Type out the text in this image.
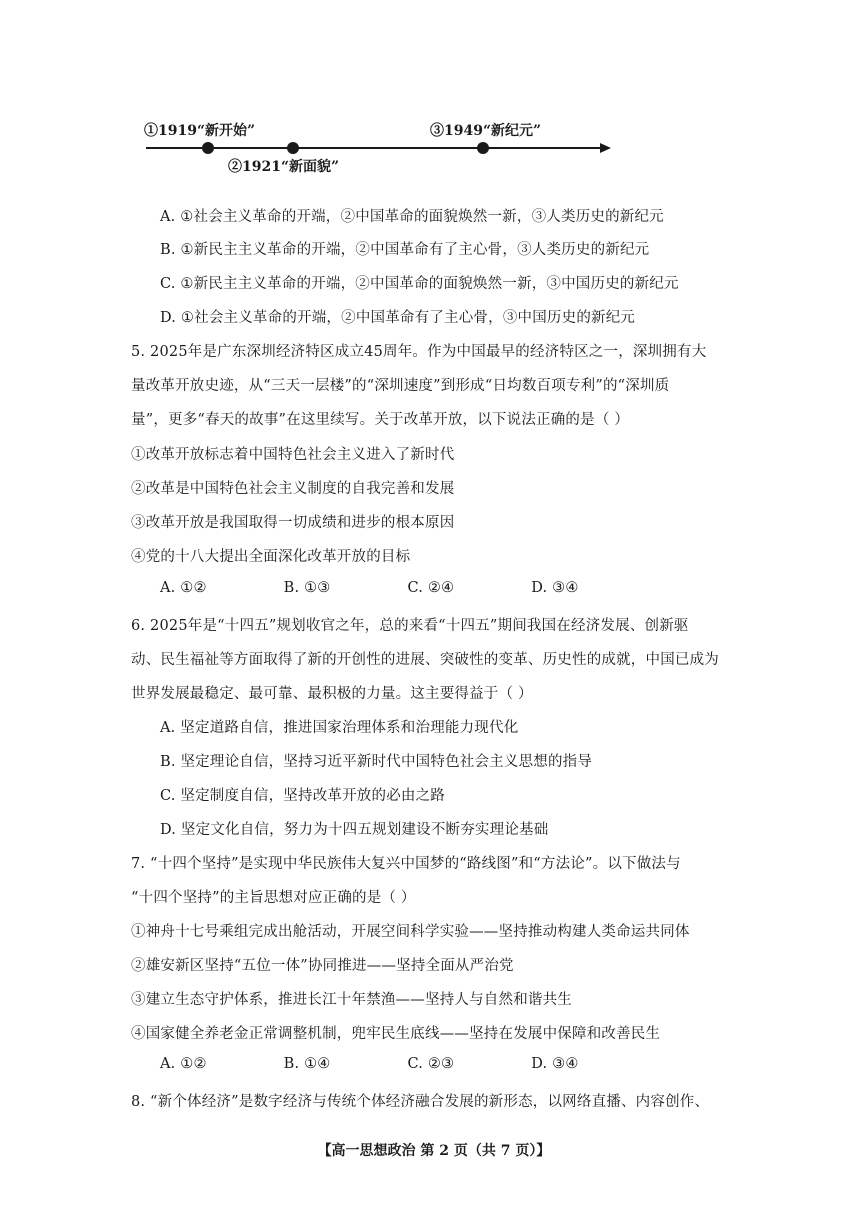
①1919“新开始”
②1921“新面貌”
③1949“新纪元”
A. ①社会主义革命的开端，②中国革命的面貌焕然一新，③人类历史的新纪元
B. ①新民主主义革命的开端，②中国革命有了主心骨，③人类历史的新纪元
C. ①新民主主义革命的开端，②中国革命的面貌焕然一新，③中国历史的新纪元
D. ①社会主义革命的开端，②中国革命有了主心骨，③中国历史的新纪元
5. 2025年是广东深圳经济特区成立45周年。作为中国最早的经济特区之一，深圳拥有大
量改革开放史迹，从“三天一层楼”的“深圳速度”到形成“日均数百项专利”的“深圳质
量”，更多“春天的故事”在这里续写。关于改革开放，以下说法正确的是（ ）
①改革开放标志着中国特色社会主义进入了新时代
②改革是中国特色社会主义制度的自我完善和发展
③改革开放是我国取得一切成绩和进步的根本原因
④党的十八大提出全面深化改革开放的目标
A. ①②                B. ①③                C. ②④                D. ③④
6. 2025年是“十四五”规划收官之年，总的来看“十四五”期间我国在经济发展、创新驱
动、民生福祉等方面取得了新的开创性的进展、突破性的变革、历史性的成就，中国已成为
世界发展最稳定、最可靠、最积极的力量。这主要得益于（ ）
A. 坚定道路自信，推进国家治理体系和治理能力现代化
B. 坚定理论自信，坚持习近平新时代中国特色社会主义思想的指导
C. 坚定制度自信，坚持改革开放的必由之路
D. 坚定文化自信，努力为十四五规划建设不断夯实理论基础
7. “十四个坚持”是实现中华民族伟大复兴中国梦的“路线图”和“方法论”。以下做法与
“十四个坚持”的主旨思想对应正确的是（ ）
①神舟十七号乘组完成出舱活动，开展空间科学实验——坚持推动构建人类命运共同体
②雄安新区坚持“五位一体”协同推进——坚持全面从严治党
③建立生态守护体系，推进长江十年禁渔——坚持人与自然和谐共生
④国家健全养老金正常调整机制，兜牢民生底线——坚持在发展中保障和改善民生
A. ①②                B. ①④                C. ②③                D. ③④
8. “新个体经济”是数字经济与传统个体经济融合发展的新形态，以网络直播、内容创作、
【高一思想政治 第 2 页（共 7 页）】
